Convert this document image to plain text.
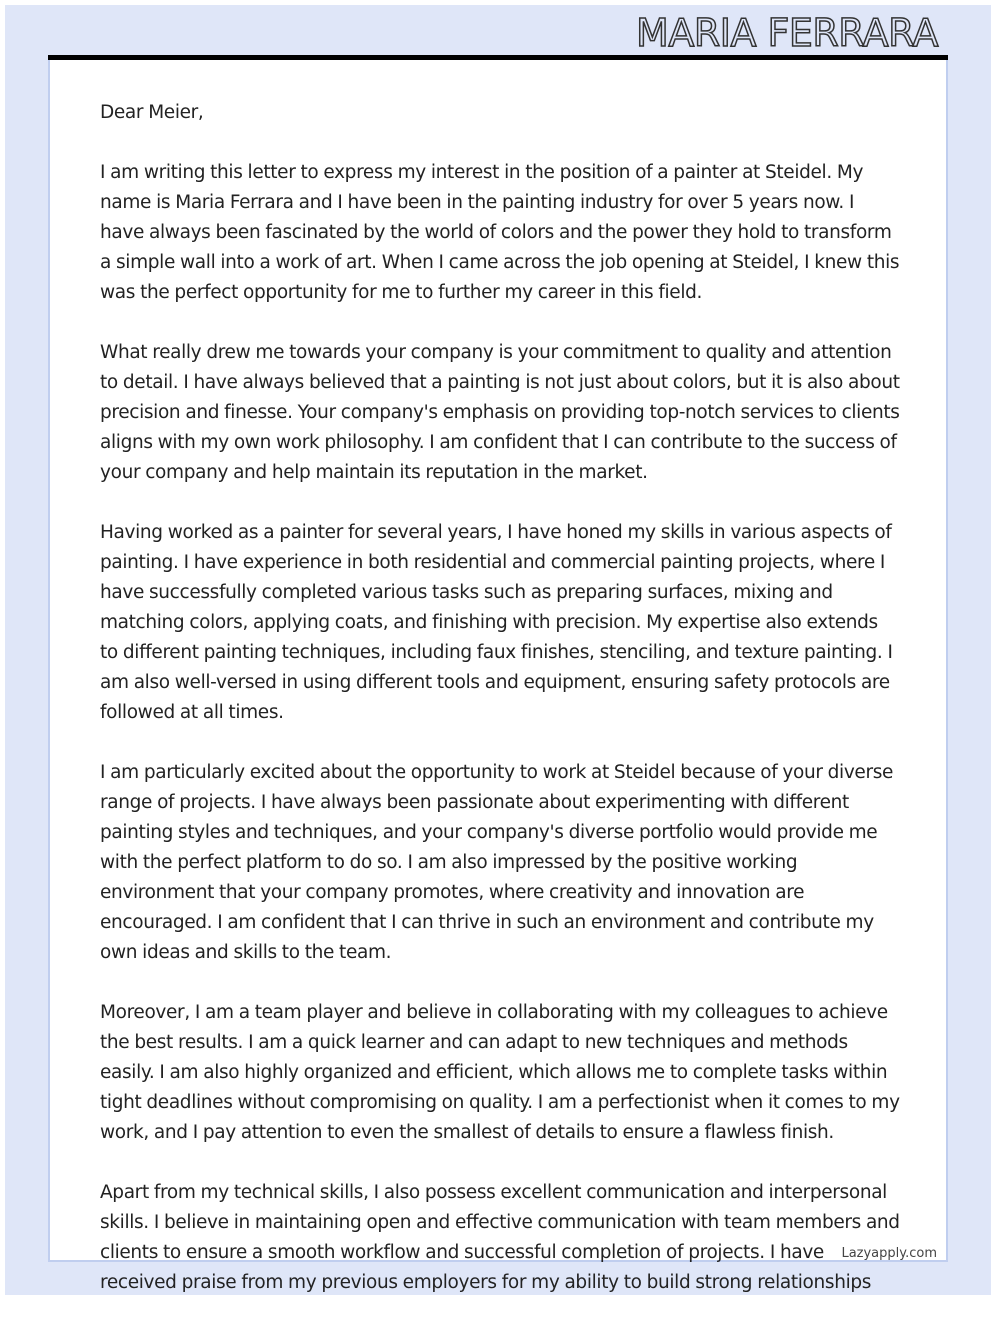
MARIA FERRARA

Dear Meier,

I am writing this letter to express my interest in the position of a painter at Steidel. My name is Maria Ferrara and I have been in the painting industry for over 5 years now. I have always been fascinated by the world of colors and the power they hold to transform a simple wall into a work of art. When I came across the job opening at Steidel, I knew this was the perfect opportunity for me to further my career in this field.

What really drew me towards your company is your commitment to quality and attention to detail. I have always believed that a painting is not just about colors, but it is also about precision and finesse. Your company's emphasis on providing top-notch services to clients aligns with my own work philosophy. I am confident that I can contribute to the success of your company and help maintain its reputation in the market.

Having worked as a painter for several years, I have honed my skills in various aspects of painting. I have experience in both residential and commercial painting projects, where I have successfully completed various tasks such as preparing surfaces, mixing and matching colors, applying coats, and finishing with precision. My expertise also extends to different painting techniques, including faux finishes, stenciling, and texture painting. I am also well-versed in using different tools and equipment, ensuring safety protocols are followed at all times.

I am particularly excited about the opportunity to work at Steidel because of your diverse range of projects. I have always been passionate about experimenting with different painting styles and techniques, and your company's diverse portfolio would provide me with the perfect platform to do so. I am also impressed by the positive working environment that your company promotes, where creativity and innovation are encouraged. I am confident that I can thrive in such an environment and contribute my own ideas and skills to the team.

Moreover, I am a team player and believe in collaborating with my colleagues to achieve the best results. I am a quick learner and can adapt to new techniques and methods easily. I am also highly organized and efficient, which allows me to complete tasks within tight deadlines without compromising on quality. I am a perfectionist when it comes to my work, and I pay attention to even the smallest of details to ensure a flawless finish.

Apart from my technical skills, I also possess excellent communication and interpersonal skills. I believe in maintaining open and effective communication with team members and clients to ensure a smooth workflow and successful completion of projects. I have received praise from my previous employers for my ability to build strong relationships

Lazyapply.com
